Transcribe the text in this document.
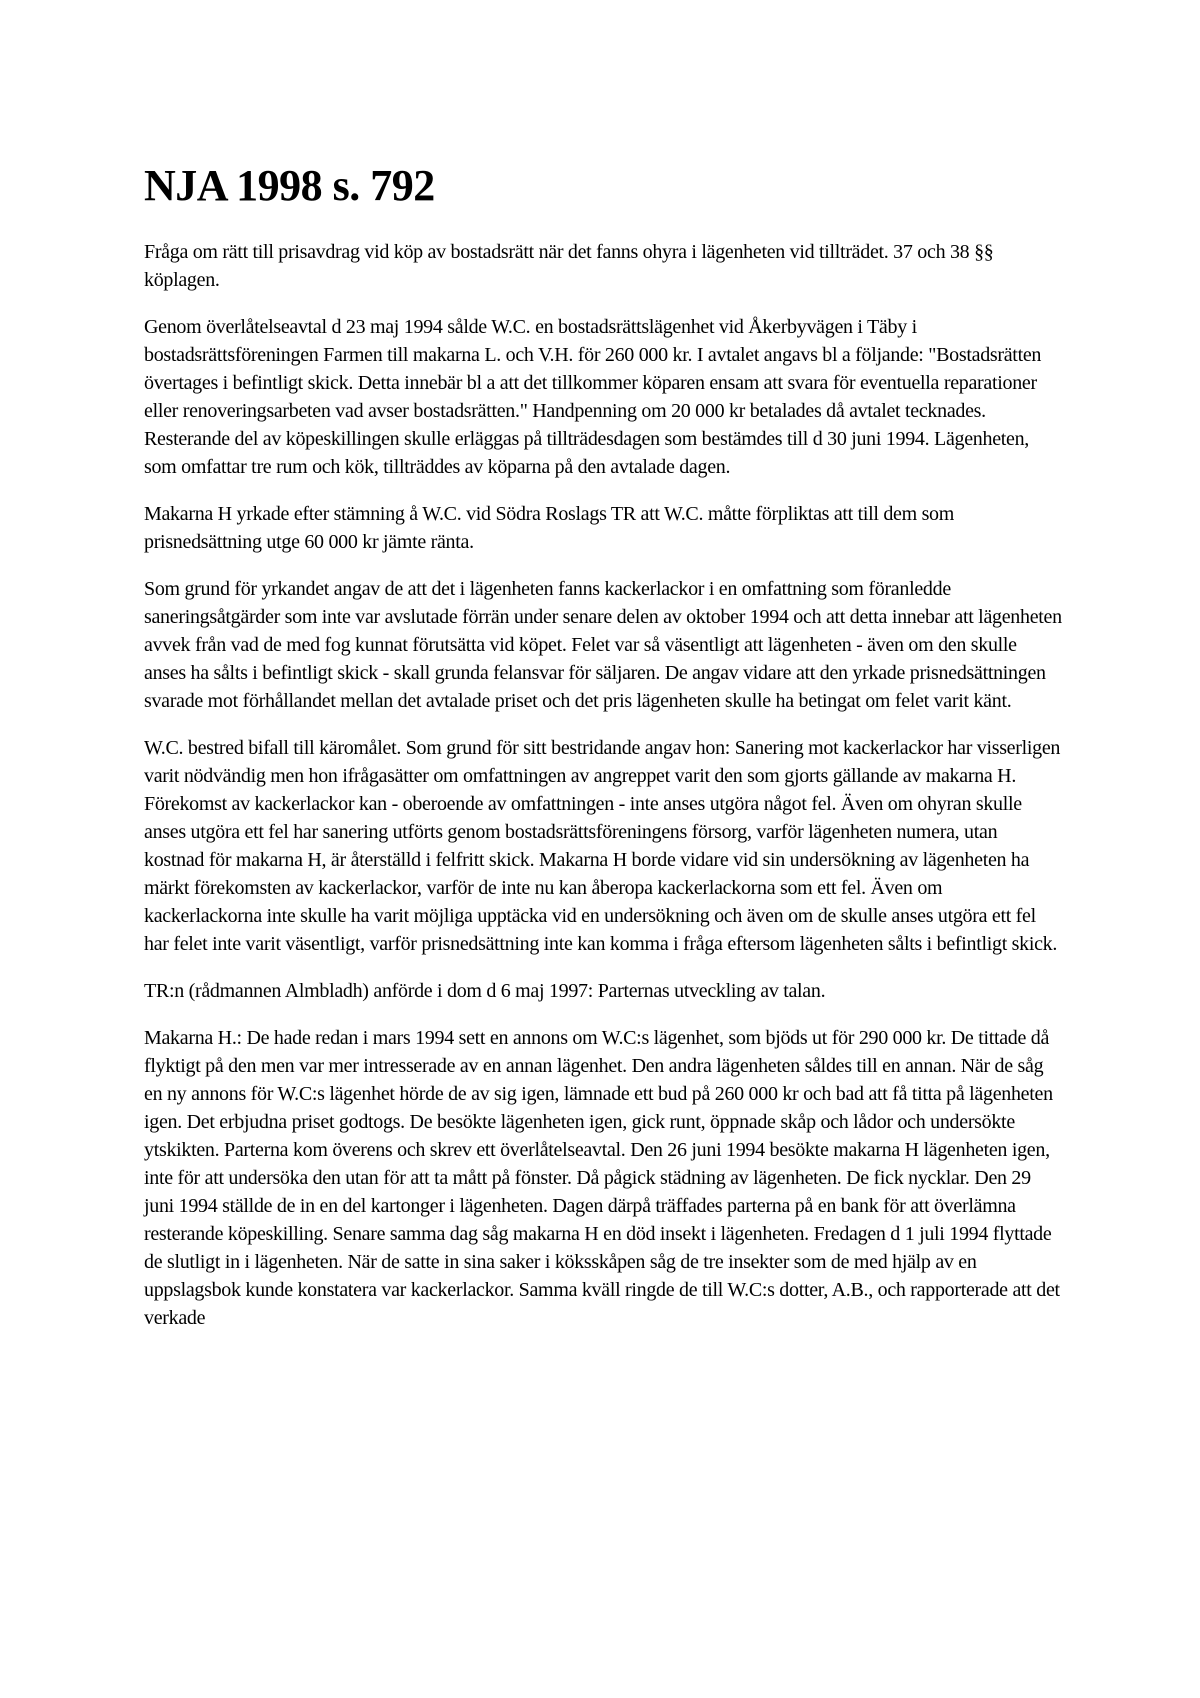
NJA 1998 s. 792

Fråga om rätt till prisavdrag vid köp av bostadsrätt när det fanns ohyra i lägenheten vid tillträdet. 37 och 38 §§ köplagen.

Genom överlåtelseavtal d 23 maj 1994 sålde W.C. en bostadsrättslägenhet vid Åkerbyvägen i Täby i bostadsrättsföreningen Farmen till makarna L. och V.H. för 260 000 kr. I avtalet angavs bl a följande: "Bostadsrätten övertages i befintligt skick. Detta innebär bl a att det tillkommer köparen ensam att svara för eventuella reparationer eller renoveringsarbeten vad avser bostadsrätten." Handpenning om 20 000 kr betalades då avtalet tecknades. Resterande del av köpeskillingen skulle erläggas på tillträdesdagen som bestämdes till d 30 juni 1994. Lägenheten, som omfattar tre rum och kök, tillträddes av köparna på den avtalade dagen.

Makarna H yrkade efter stämning å W.C. vid Södra Roslags TR att W.C. måtte förpliktas att till dem som prisnedsättning utge 60 000 kr jämte ränta.

Som grund för yrkandet angav de att det i lägenheten fanns kackerlackor i en omfattning som föranledde saneringsåtgärder som inte var avslutade förrän under senare delen av oktober 1994 och att detta innebar att lägenheten avvek från vad de med fog kunnat förutsätta vid köpet. Felet var så väsentligt att lägenheten - även om den skulle anses ha sålts i befintligt skick - skall grunda felansvar för säljaren. De angav vidare att den yrkade prisnedsättningen svarade mot förhållandet mellan det avtalade priset och det pris lägenheten skulle ha betingat om felet varit känt.

W.C. bestred bifall till käromålet. Som grund för sitt bestridande angav hon: Sanering mot kackerlackor har visserligen varit nödvändig men hon ifrågasätter om omfattningen av angreppet varit den som gjorts gällande av makarna H. Förekomst av kackerlackor kan - oberoende av omfattningen - inte anses utgöra något fel. Även om ohyran skulle anses utgöra ett fel har sanering utförts genom bostadsrättsföreningens försorg, varför lägenheten numera, utan kostnad för makarna H, är återställd i felfritt skick. Makarna H borde vidare vid sin undersökning av lägenheten ha märkt förekomsten av kackerlackor, varför de inte nu kan åberopa kackerlackorna som ett fel. Även om kackerlackorna inte skulle ha varit möjliga upptäcka vid en undersökning och även om de skulle anses utgöra ett fel har felet inte varit väsentligt, varför prisnedsättning inte kan komma i fråga eftersom lägenheten sålts i befintligt skick.

TR:n (rådmannen Almbladh) anförde i dom d 6 maj 1997: Parternas utveckling av talan.

Makarna H.: De hade redan i mars 1994 sett en annons om W.C:s lägenhet, som bjöds ut för 290 000 kr. De tittade då flyktigt på den men var mer intresserade av en annan lägenhet. Den andra lägenheten såldes till en annan. När de såg en ny annons för W.C:s lägenhet hörde de av sig igen, lämnade ett bud på 260 000 kr och bad att få titta på lägenheten igen. Det erbjudna priset godtogs. De besökte lägenheten igen, gick runt, öppnade skåp och lådor och undersökte ytskikten. Parterna kom överens och skrev ett överlåtelseavtal. Den 26 juni 1994 besökte makarna H lägenheten igen, inte för att undersöka den utan för att ta mått på fönster. Då pågick städning av lägenheten. De fick nycklar. Den 29 juni 1994 ställde de in en del kartonger i lägenheten. Dagen därpå träffades parterna på en bank för att överlämna resterande köpeskilling. Senare samma dag såg makarna H en död insekt i lägenheten. Fredagen d 1 juli 1994 flyttade de slutligt in i lägenheten. När de satte in sina saker i köksskåpen såg de tre insekter som de med hjälp av en uppslagsbok kunde konstatera var kackerlackor. Samma kväll ringde de till W.C:s dotter, A.B., och rapporterade att det verkade
